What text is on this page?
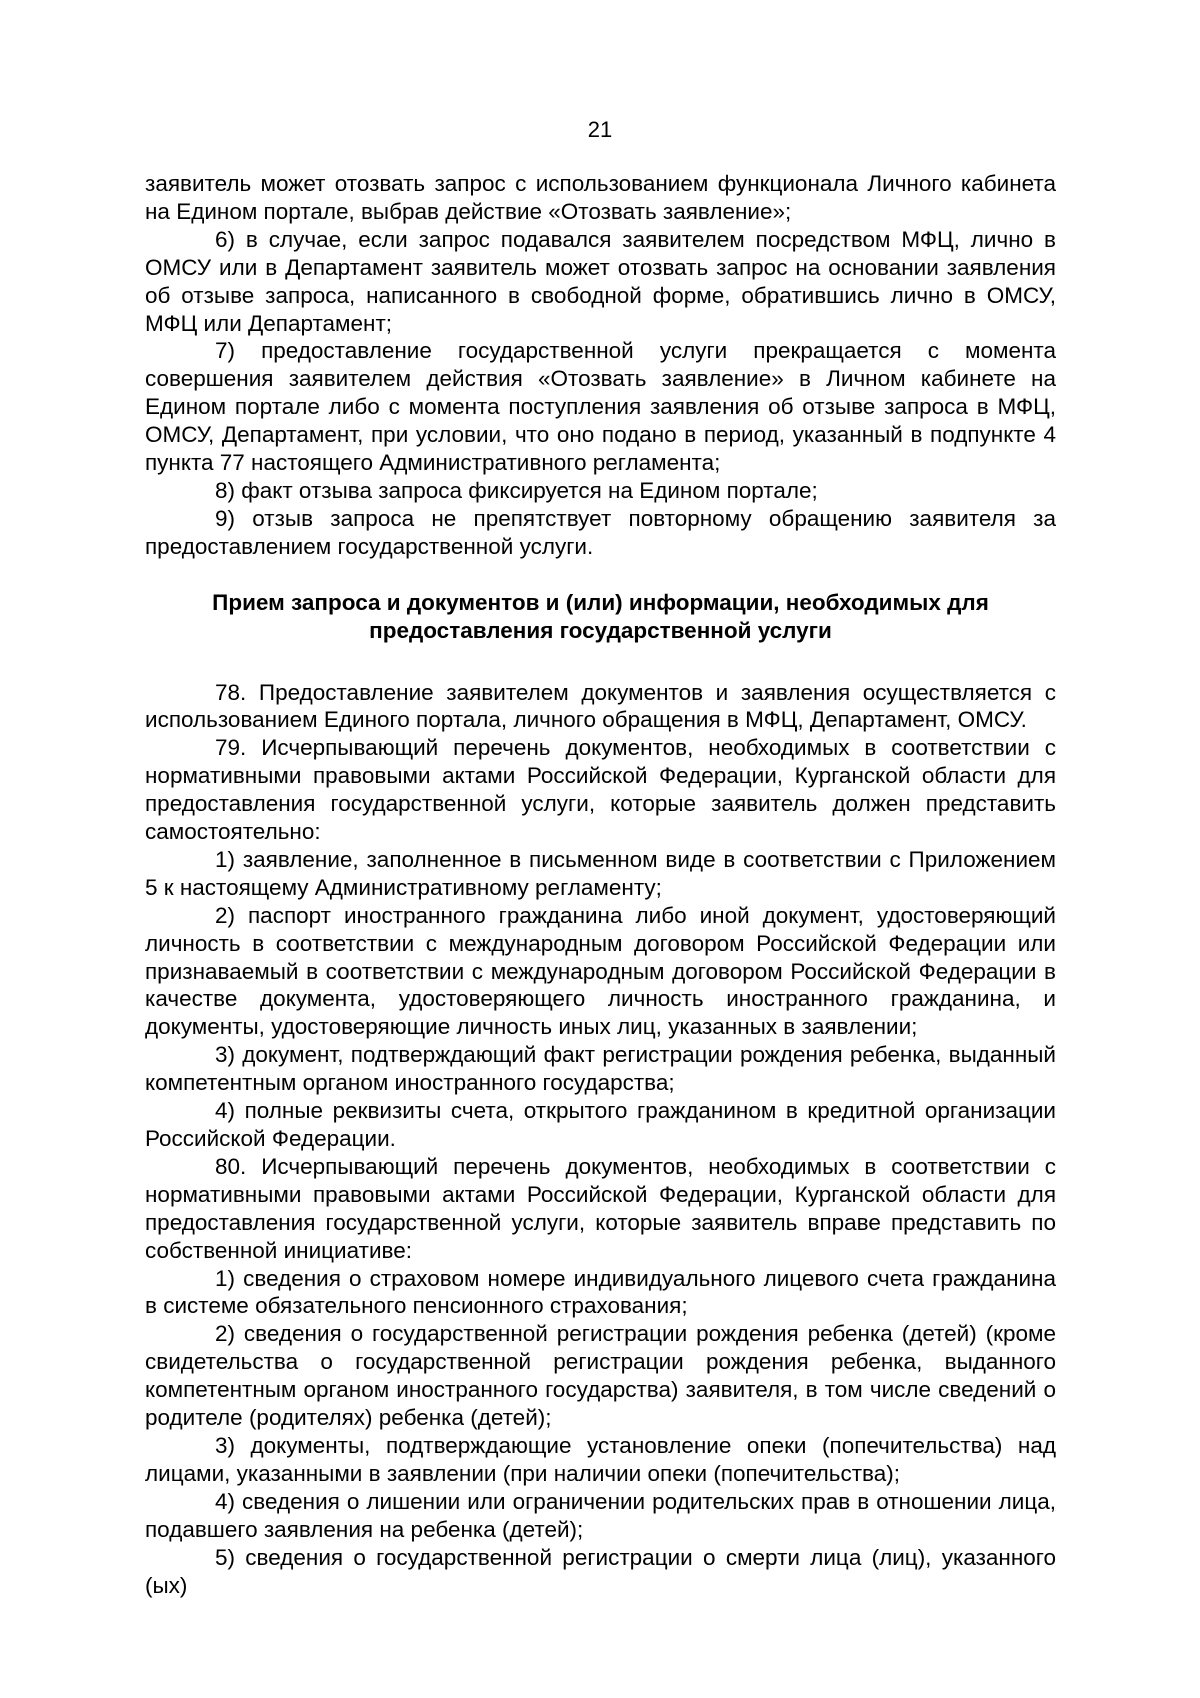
21

заявитель может отозвать запрос с использованием функционала Личного кабинета на Едином портале, выбрав действие «Отозвать заявление»;

6) в случае, если запрос подавался заявителем посредством МФЦ, лично в ОМСУ или в Департамент заявитель может отозвать запрос на основании заявления об отзыве запроса, написанного в свободной форме, обратившись лично в ОМСУ, МФЦ или Департамент;

7) предоставление государственной услуги прекращается с момента совершения заявителем действия «Отозвать заявление» в Личном кабинете на Едином портале либо с момента поступления заявления об отзыве запроса в МФЦ, ОМСУ, Департамент, при условии, что оно подано в период, указанный в подпункте 4 пункта 77 настоящего Административного регламента;

8) факт отзыва запроса фиксируется на Едином портале;

9) отзыв запроса не препятствует повторному обращению заявителя за предоставлением государственной услуги.

Прием запроса и документов и (или) информации, необходимых для предоставления государственной услуги

78. Предоставление заявителем документов и заявления осуществляется с использованием Единого портала, личного обращения в МФЦ, Департамент, ОМСУ.

79. Исчерпывающий перечень документов, необходимых в соответствии с нормативными правовыми актами Российской Федерации, Курганской области для предоставления государственной услуги, которые заявитель должен представить самостоятельно:

1) заявление, заполненное в письменном виде в соответствии с Приложением 5 к настоящему Административному регламенту;

2) паспорт иностранного гражданина либо иной документ, удостоверяющий личность в соответствии с международным договором Российской Федерации или признаваемый в соответствии с международным договором Российской Федерации в качестве документа, удостоверяющего личность иностранного гражданина, и документы, удостоверяющие личность иных лиц, указанных в заявлении;

3) документ, подтверждающий факт регистрации рождения ребенка, выданный компетентным органом иностранного государства;

4) полные реквизиты счета, открытого гражданином в кредитной организации Российской Федерации.

80. Исчерпывающий перечень документов, необходимых в соответствии с нормативными правовыми актами Российской Федерации, Курганской области для предоставления государственной услуги, которые заявитель вправе представить по собственной инициативе:

1) сведения о страховом номере индивидуального лицевого счета гражданина в системе обязательного пенсионного страхования;

2) сведения о государственной регистрации рождения ребенка (детей) (кроме свидетельства о государственной регистрации рождения ребенка, выданного компетентным органом иностранного государства) заявителя, в том числе сведений о родителе (родителях) ребенка (детей);

3) документы, подтверждающие установление опеки (попечительства) над лицами, указанными в заявлении (при наличии опеки (попечительства);

4) сведения о лишении или ограничении родительских прав в отношении лица, подавшего заявления на ребенка (детей);

5) сведения о государственной регистрации о смерти лица (лиц), указанного (ых)
